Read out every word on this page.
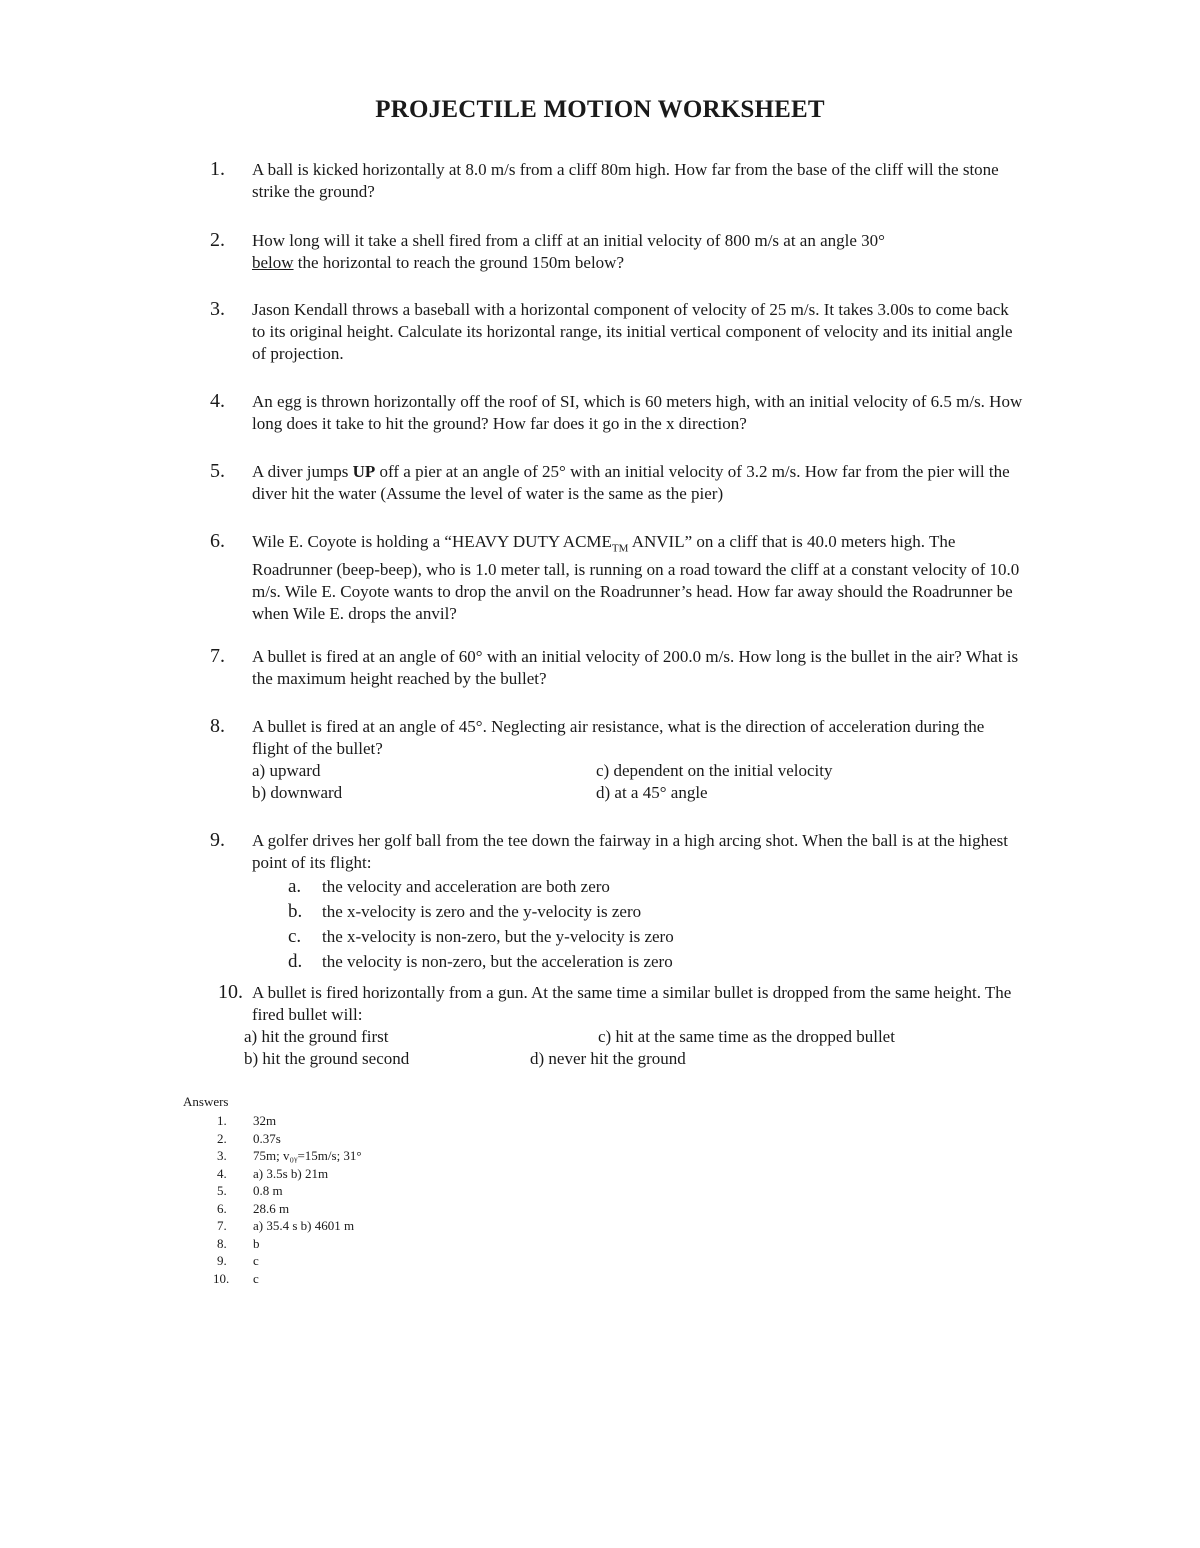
PROJECTILE MOTION WORKSHEET
1.	A ball is kicked horizontally at 8.0 m/s from a cliff 80m high. How far from the base of the cliff will the stone strike the ground?
2.	How long will it take a shell fired from a cliff at an initial velocity of 800 m/s at an angle 30°
below the horizontal to reach the ground 150m below?
3.	Jason Kendall throws a baseball with a horizontal component of velocity of 25 m/s. It takes 3.00s to come back to its original height. Calculate its horizontal range, its initial vertical component of velocity and its initial angle of projection.
4.	An egg is thrown horizontally off the roof of SI, which is 60 meters high, with an initial velocity of 6.5 m/s. How long does it take to hit the ground? How far does it go in the x direction?
5.	A diver jumps UP off a pier at an angle of 25° with an initial velocity of 3.2 m/s. How far from the pier will the diver hit the water (Assume the level of water is the same as the pier)
6.	Wile E. Coyote is holding a “HEAVY DUTY $ACME_{TM}$ ANVIL” on a cliff that is 40.0 meters high. The Roadrunner (beep-beep), who is 1.0 meter tall, is running on a road toward the cliff at a constant velocity of 10.0 m/s. Wile E. Coyote wants to drop the anvil on the Roadrunner’s head. How far away should the Roadrunner be when Wile E. drops the anvil?
7.	A bullet is fired at an angle of 60° with an initial velocity of 200.0 m/s. How long is the bullet in the air? What is the maximum height reached by the bullet?
8.	A bullet is fired at an angle of 45°. Neglecting air resistance, what is the direction of acceleration during the flight of the bullet?
a) upward
b) downward
c) dependent on the initial velocity
d) at a 45° angle
9.	A golfer drives her golf ball from the tee down the fairway in a high arcing shot. When the ball is at the highest point of its flight:
a. the velocity and acceleration are both zero
b. the x-velocity is zero and the y-velocity is zero
c. the x-velocity is non-zero, but the y-velocity is zero
d. the velocity is non-zero, but the acceleration is zero
10. A bullet is fired horizontally from a gun. At the same time a similar bullet is dropped from the same height. The fired bullet will:
a) hit the ground first
b) hit the ground second
c) hit at the same time as the dropped bullet
d) never hit the ground
Answers
1. 32m
2. 0.37s
3. 75m; v₀ᵧ=15m/s; 31°
4. a) 3.5s b) 21m
5. 0.8 m
6. 28.6 m
7. a) 35.4 s b) 4601 m
8. b
9. c
10. c
